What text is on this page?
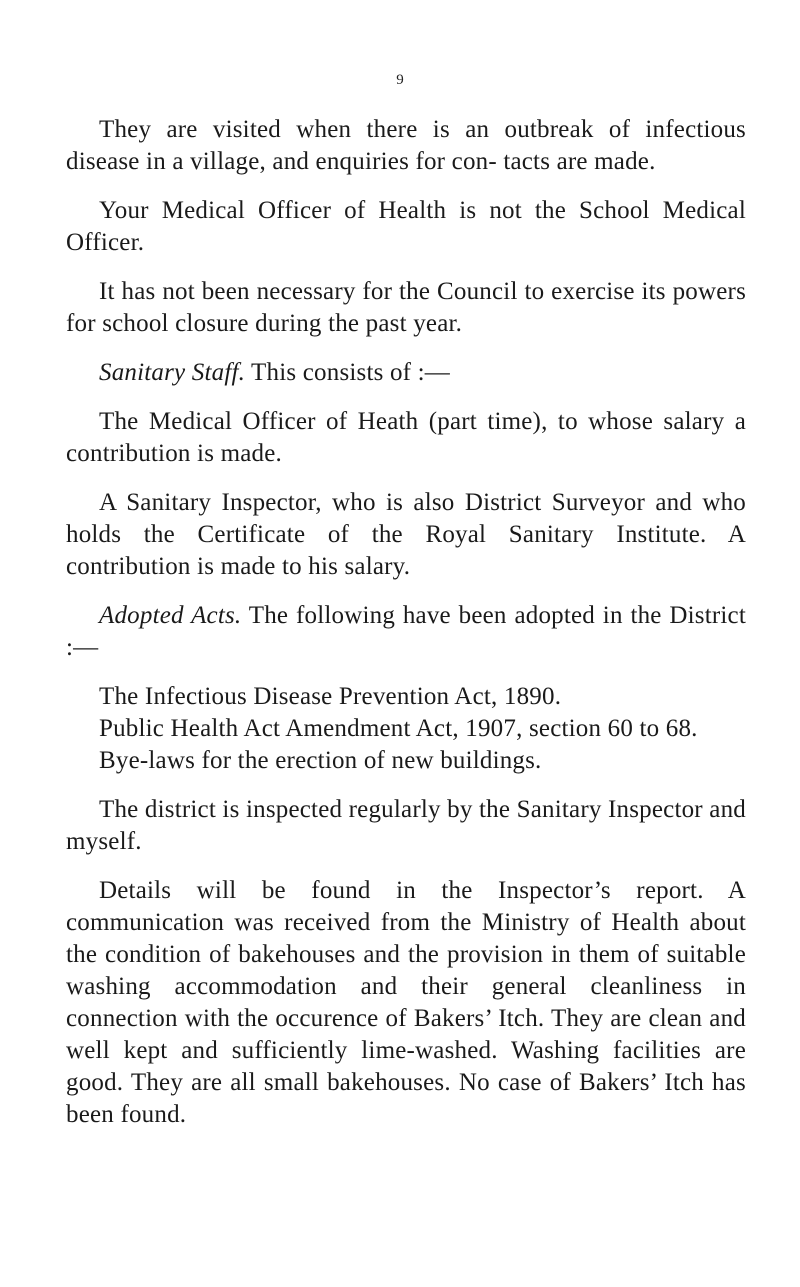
9

They are visited when there is an outbreak of infectious disease in a village, and enquiries for con- tacts are made.

Your Medical Officer of Health is not the School Medical Officer.

It has not been necessary for the Council to exercise its powers for school closure during the past year.

Sanitary Staff. This consists of :—

The Medical Officer of Heath (part time), to whose salary a contribution is made.

A Sanitary Inspector, who is also District Surveyor and who holds the Certificate of the Royal Sanitary Institute. A contribution is made to his salary.

Adopted Acts. The following have been adopted in the District :—

The Infectious Disease Prevention Act, 1890.

Public Health Act Amendment Act, 1907, section 60 to 68.

Bye-laws for the erection of new buildings.

The district is inspected regularly by the Sanitary Inspector and myself.

Details will be found in the Inspector’s report. A communication was received from the Ministry of Health about the condition of bakehouses and the provision in them of suitable washing accommodation and their general cleanliness in connection with the occurence of Bakers’ Itch. They are clean and well kept and sufficiently lime-washed. Washing facilities are good. They are all small bakehouses. No case of Bakers’ Itch has been found.
